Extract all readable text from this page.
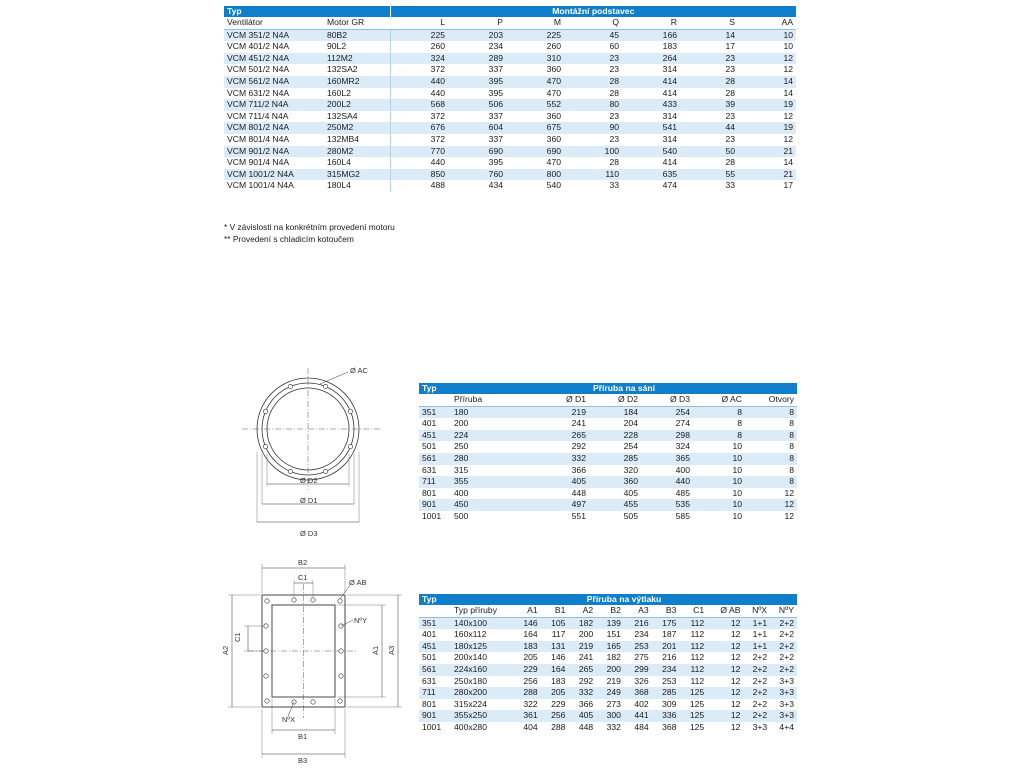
Typ		Montážní podstavec						
Ventilátor	Motor GR	L	P	M	Q	R	S	AA
VCM 351/2 N4A	80B2	225	203	225	45	166	14	10
VCM 401/2 N4A	90L2	260	234	260	60	183	17	10
VCM 451/2 N4A	112M2	324	289	310	23	264	23	12
VCM 501/2 N4A	132SA2	372	337	360	23	314	23	12
VCM 561/2 N4A	160MR2	440	395	470	28	414	28	14
VCM 631/2 N4A	160L2	440	395	470	28	414	28	14
VCM 711/2 N4A	200L2	568	506	552	80	433	39	19
VCM 711/4 N4A	132SA4	372	337	360	23	314	23	12
VCM 801/2 N4A	250M2	676	604	675	90	541	44	19
VCM 801/4 N4A	132MB4	372	337	360	23	314	23	12
VCM 901/2 N4A	280M2	770	690	690	100	540	50	21
VCM 901/4 N4A	160L4	440	395	470	28	414	28	14
VCM 1001/2 N4A	315MG2	850	760	800	110	635	55	21
VCM 1001/4 N4A	180L4	488	434	540	33	474	33	17
* V závislosti na konkrétním provedení motoru
** Provedení s chladicím kotoučem
Ø AC
Ø D2
Ø D1
Ø D3
Typ	Příruba na sání					
	Příruba	Ø D1	Ø D2	Ø D3	Ø AC	Otvory
351	180	219	184	254	8	8
401	200	241	204	274	8	8
451	224	265	228	298	8	8
501	250	292	254	324	10	8
561	280	332	285	365	10	8
631	315	366	320	400	10	8
711	355	405	360	440	10	8
801	400	448	405	485	10	12
901	450	497	455	535	10	12
1001	500	551	505	585	10	12
B2
C1
Ø AB
NºY
C1
A2	A1 A3
NºX
B1
B3
Typ	Příruba na výtlaku										
	Typ příruby	A1	B1	A2	B2	A3	B3	C1	Ø AB	NºX	NºY
351	140x100	146	105	182	139	216	175	112	12	1+1	2+2
401	160x112	164	117	200	151	234	187	112	12	1+1	2+2
451	180x125	183	131	219	165	253	201	112	12	1+1	2+2
501	200x140	205	146	241	182	275	216	112	12	2+2	2+2
561	224x160	229	164	265	200	299	234	112	12	2+2	2+2
631	250x180	256	183	292	219	326	253	112	12	2+2	3+3
711	280x200	288	205	332	249	368	285	125	12	2+2	3+3
801	315x224	322	229	366	273	402	309	125	12	2+2	3+3
901	355x250	361	256	405	300	441	336	125	12	2+2	3+3
1001	400x280	404	288	448	332	484	368	125	12	3+3	4+4
